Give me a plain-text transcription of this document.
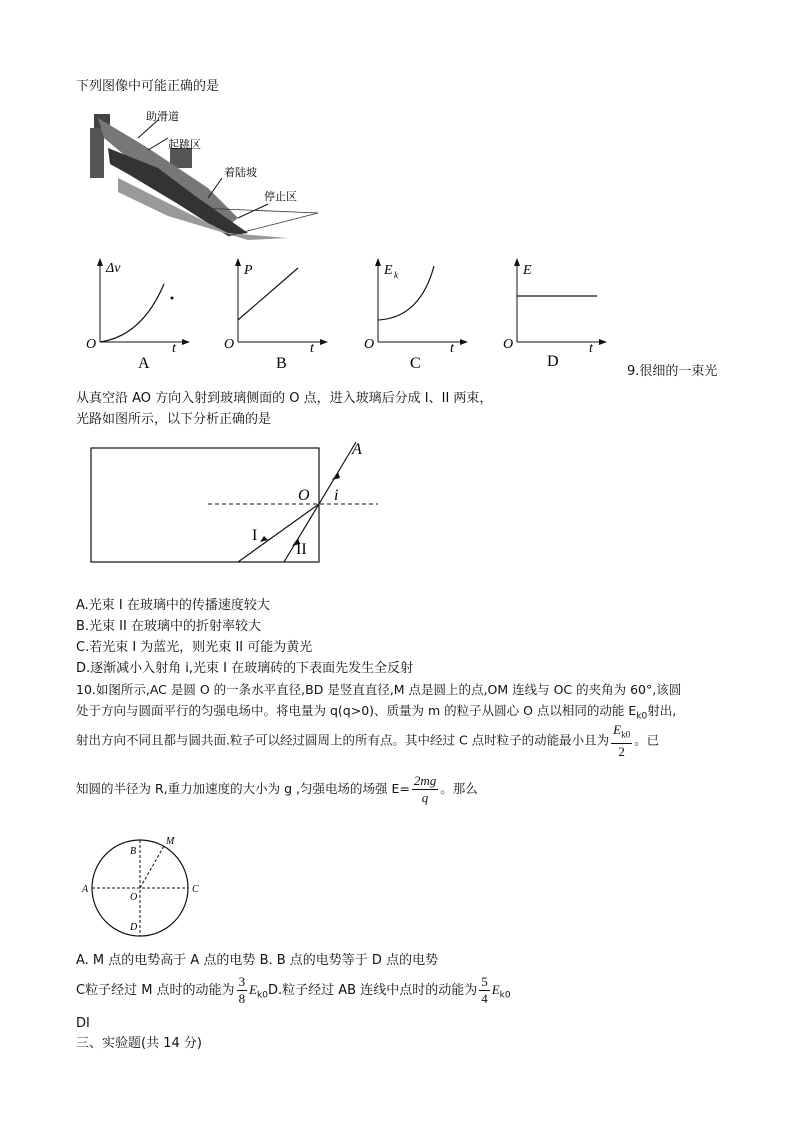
下列图像中可能正确的是
助滑道
起跳区
着陆坡
停止区
Δv
O	t
A
P
O	t
B
E k
O	t
C
E
O	t
D
9.很细的一束光
从真空沿 AO 方向入射到玻璃侧面的 O 点，进入玻璃后分成 I、II 两束，
光路如图所示，以下分析正确的是
A
O i
I
II
A.光束 I 在玻璃中的传播速度较大
B.光束 II 在玻璃中的折射率较大
C.若光束 I 为蓝光，则光束 II 可能为黄光
D.逐渐减小入射角 i,光束 I 在玻璃砖的下表面先发生全反射
10.如图所示,AC 是圆 O 的一条水平直径,BD 是竖直直径,M 点是圆上的点,OM 连线与 OC 的夹角为 60°,该圆
处于方向与圆面平行的匀强电场中。将电量为 q(q>0)、质量为 m 的粒子从圆心 O 点以相同的动能 $E_{k0}$射出,
射出方向不同且都与圆共面.粒子可以经过圆周上的所有点。其中经过 C 点时粒子的动能最小且为 $\frac{E_{k0}}{2}$ 。已
知圆的半径为 R,重力加速度的大小为 g ,匀强电场的场强 $E= \frac{2mg}{q}$ 。那么
M
B
A	C
O
D
A. M 点的电势高于 A 点的电势 B. B 点的电势等于 D 点的电势
C粒子经过 M 点时的动能为 $\frac{3}{8} E_{k0}D$.粒子经过 AB 连线中点时的动能为 $\frac{5}{4} E_{k0}$
DI
三、实验题(共 14 分)
